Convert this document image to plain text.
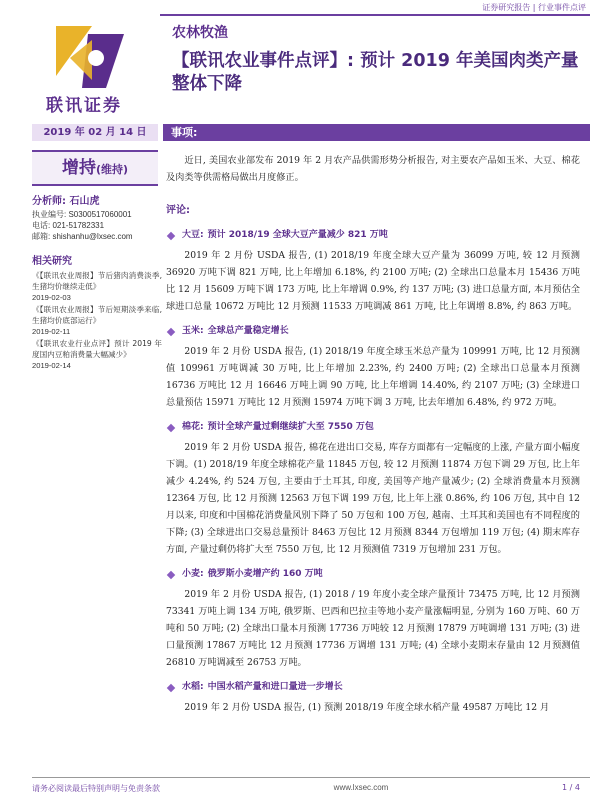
证券研究报告 | 行业事件点评
联讯证券
农林牧渔
【联讯农业事件点评】: 预计 2019 年美国肉类产量整体下降
2019 年 02 月 14 日	事项:
增持(维持)
分析师: 石山虎
执业编号: S0300517060001
电话: 021-51782331
邮箱: shishanhu@lxsec.com
相关研究
《【联讯农业周报】节后猪肉消费淡季, 生猪均价继续走低》
2019-02-03
《【联讯农业周报】节后短期淡季来临, 生猪均价底部运行》
2019-02-11
《【联讯农业行业点评】预计 2019 年度国内豆粕消费量大幅减少》
2019-02-14

近日, 美国农业部发布 2019 年 2 月农产品供需形势分析报告, 对主要农产品如玉米、大豆、棉花及肉类等供需格局做出月度修正。

评论:
大豆: 预计 2018/19 全球大豆产量减少 821 万吨

2019 年 2 月份 USDA 报告, (1) 2018/19 年度全球大豆产量为 36099 万吨, 较 12 月预测 36920 万吨下调 821 万吨, 比上年增加 6.18%, 约 2100 万吨; (2) 全球出口总量本月 15436 万吨比 12 月 15609 万吨下调 173 万吨, 比上年增调 0.9%, 约 137 万吨; (3) 进口总量方面, 本月预估全球进口总量 10672 万吨比 12 月预测 11533 万吨调减 861 万吨, 比上年调增 8.8%, 约 863 万吨。

玉米: 全球总产量稳定增长

2019 年 2 月份 USDA 报告, (1) 2018/19 年度全球玉米总产量为 109991 万吨, 比 12 月预测值 109961 万吨调减 30 万吨, 比上年增加 2.23%, 约 2400 万吨; (2) 全球出口总量本月预测 16736 万吨比 12 月 16646 万吨上调 90 万吨, 比上年增调 14.40%, 约 2107 万吨; (3) 全球进口总量预估 15971 万吨比 12 月预测 15974 万吨下调 3 万吨, 比去年增加 6.48%, 约 972 万吨。

棉花: 预计全球产量过剩继续扩大至 7550 万包

2019 年 2 月份 USDA 报告, 棉花在进出口交易, 库存方面都有一定幅度的上涨, 产量方面小幅度下调。(1) 2018/19 年度全球棉花产量 11845 万包, 较 12 月预测 11874 万包下调 29 万包, 比上年减少 4.24%, 约 524 万包, 主要由于土耳其, 印度, 美国等产地产量减少; (2) 全球消费量本月预测 12364 万包, 比 12 月预测 12563 万包下调 199 万包, 比上年上涨 0.86%, 约 106 万包, 其中自 12 月以来, 印度和中国棉花消费量风别下降了 50 万包和 100 万包, 越南、土耳其和美国也有不同程度的下降; (3) 全球进出口交易总量预计 8463 万包比 12 月预测 8344 万包增加 119 万包; (4) 期末库存方面, 产量过剩仍将扩大至 7550 万包, 比 12 月预测值 7319 万包增加 231 万包。

小麦: 俄罗斯小麦增产约 160 万吨

2019 年 2 月份 USDA 报告, (1) 2018 / 19 年度小麦全球产量预计 73475 万吨, 比 12 月预测 73341 万吨上调 134 万吨, 俄罗斯、巴西和巴拉圭等地小麦产量涨幅明显, 分别为 160 万吨、60 万吨和 50 万吨; (2) 全球出口量本月预测 17736 万吨较 12 月预测 17879 万吨调增 131 万吨; (3) 进口量预测 17867 万吨比 12 月预测 17736 万调增 131 万吨; (4) 全球小麦期末存量由 12 月预测值 26810 万吨调减至 26753 万吨。

水稻: 中国水稻产量和进口量进一步增长

2019 年 2 月份 USDA 报告, (1) 预测 2018/19 年度全球水稻产量 49587 万吨比 12 月

请务必阅读最后特别声明与免责条款	www.lxsec.com	1 / 4
